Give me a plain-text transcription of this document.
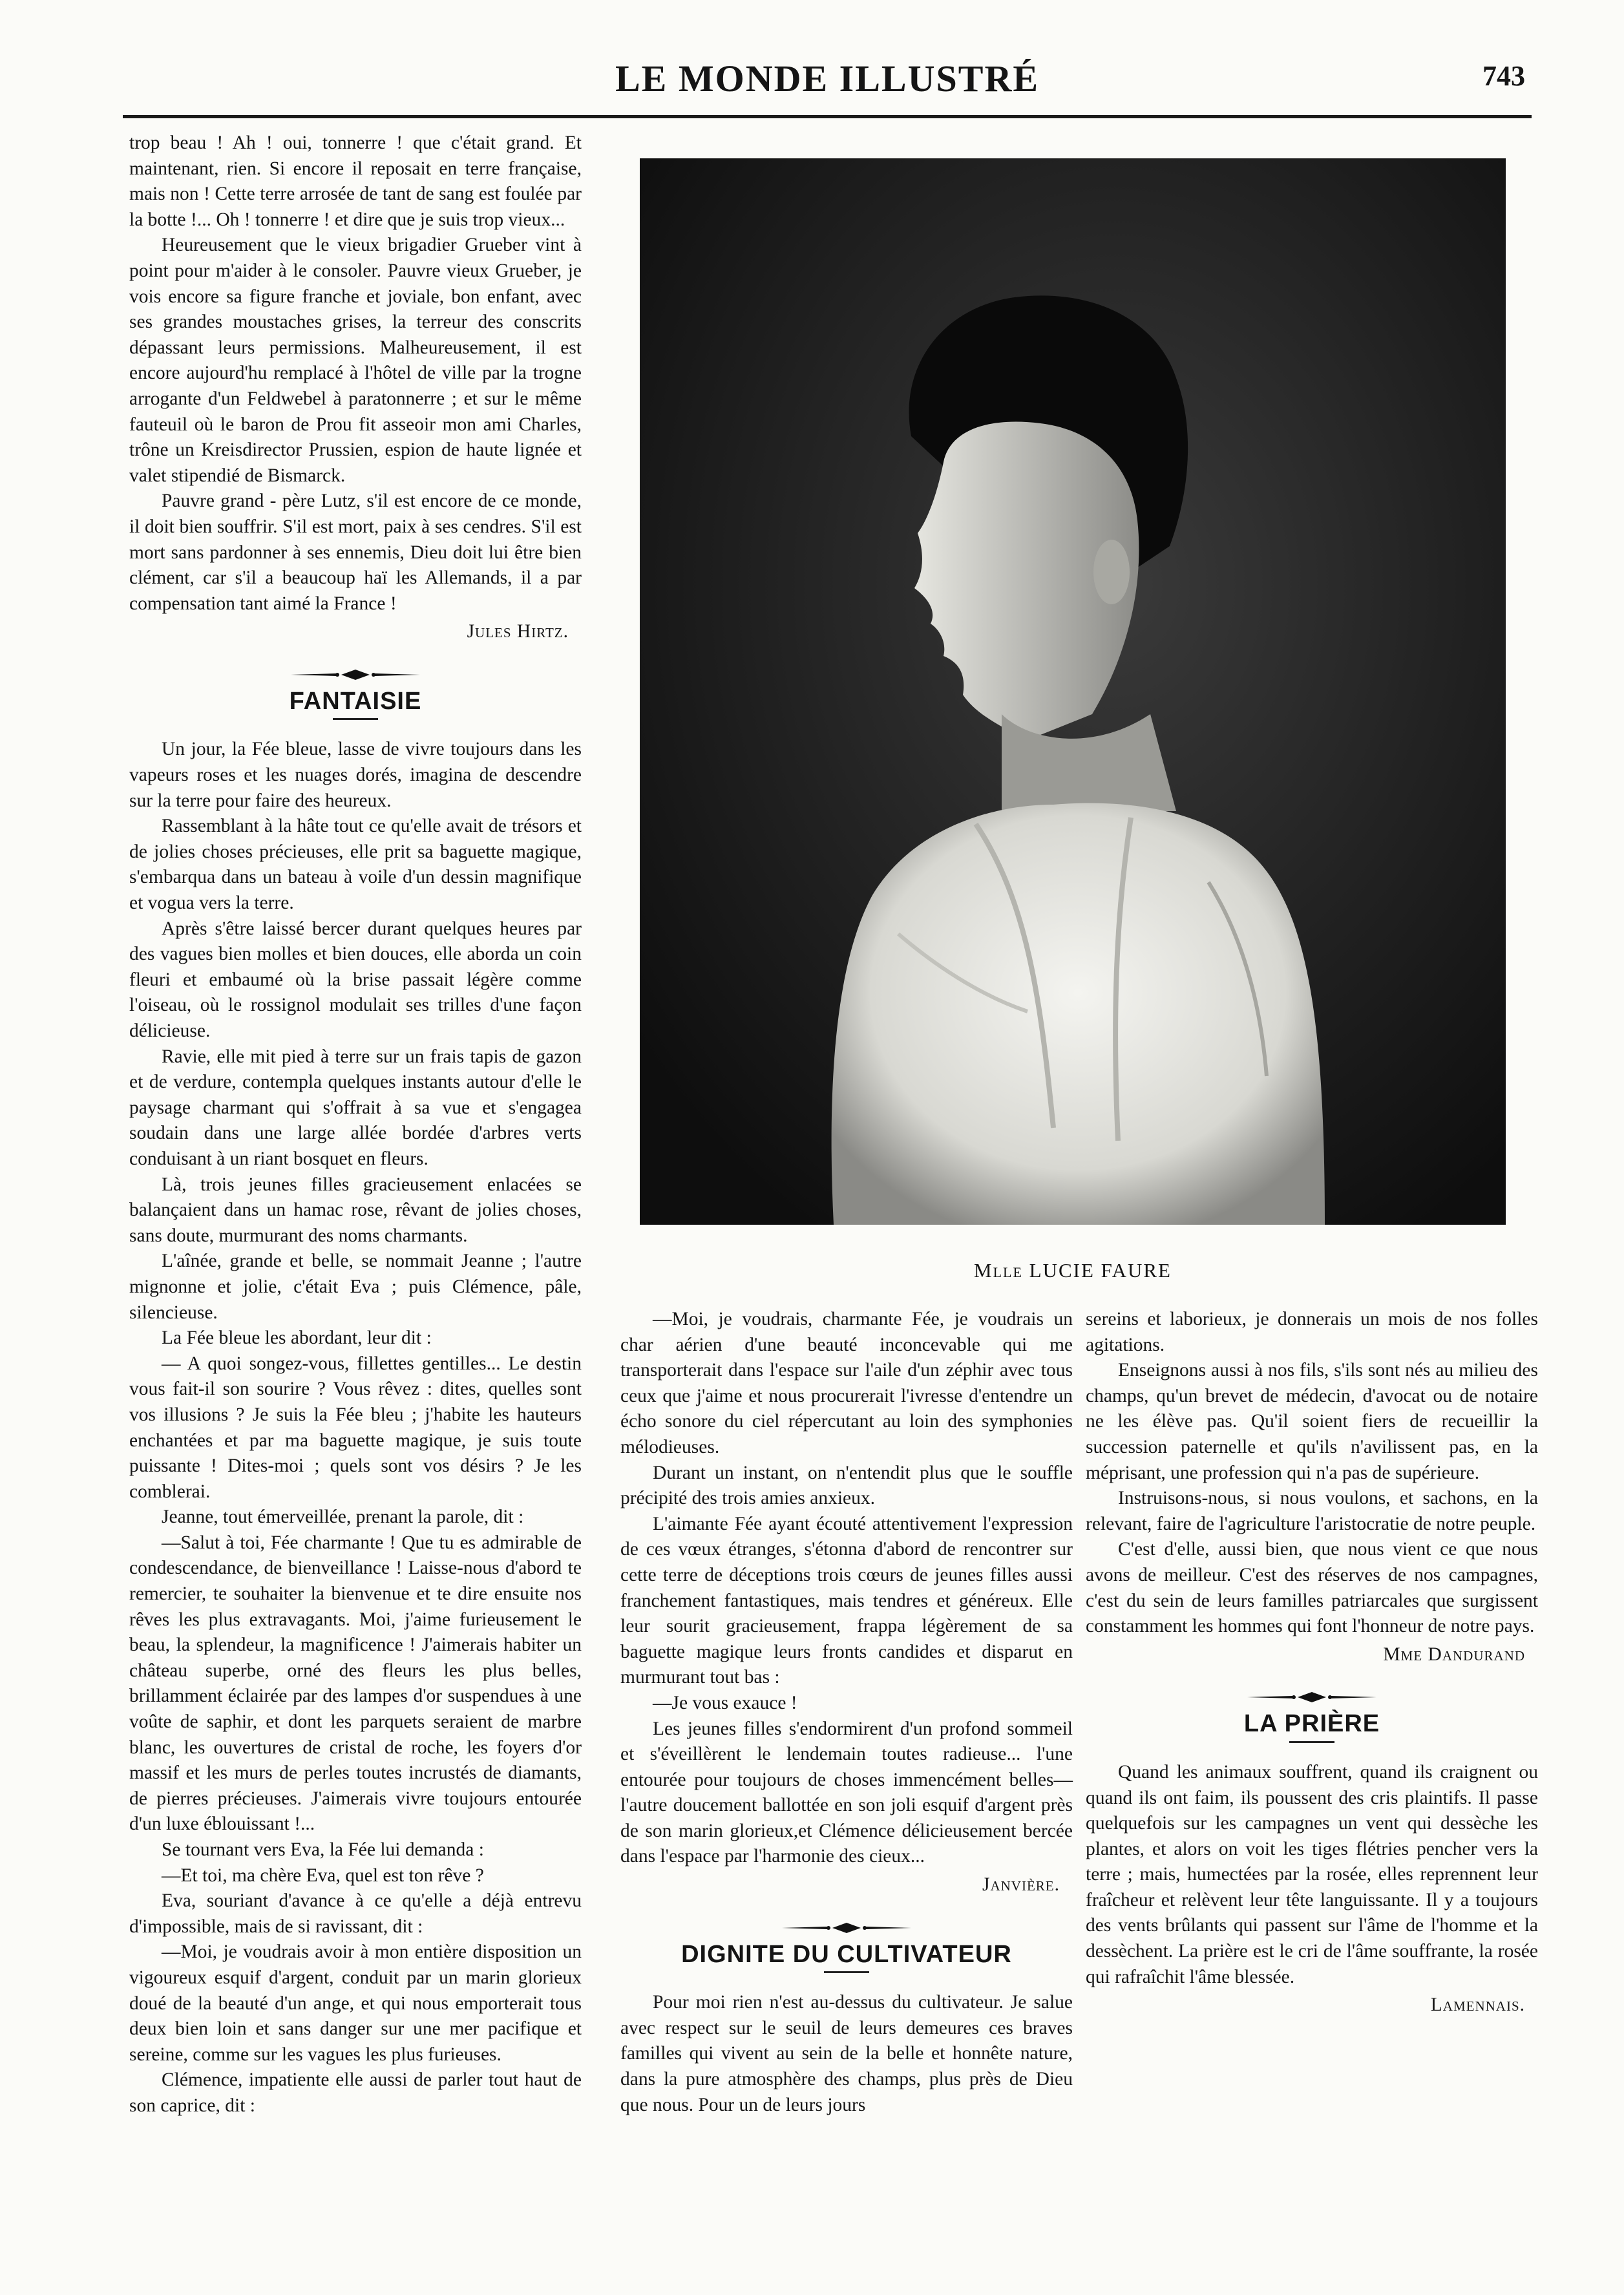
LE MONDE ILLUSTRÉ	743

trop beau ! Ah ! oui, tonnerre ! que c'était grand. Et maintenant, rien. Si encore il reposait en terre française, mais non ! Cette terre arrosée de tant de sang est foulée par la botte !... Oh ! tonnerre ! et dire que je suis trop vieux...

Heureusement que le vieux brigadier Grueber vint à point pour m'aider à le consoler. Pauvre vieux Grueber, je vois encore sa figure franche et joviale, bon enfant, avec ses grandes moustaches grises, la terreur des conscrits dépassant leurs permissions. Malheureusement, il est encore aujourd'hu remplacé à l'hôtel de ville par la trogne arrogante d'un Feldwebel à paratonnerre ; et sur le même fauteuil où le baron de Prou fit asseoir mon ami Charles, trône un Kreisdirector Prussien, espion de haute lignée et valet stipendié de Bismarck.

Pauvre grand - père Lutz, s'il est encore de ce monde, il doit bien souffrir. S'il est mort, paix à ses cendres. S'il est mort sans pardonner à ses ennemis, Dieu doit lui être bien clément, car s'il a beaucoup haï les Allemands, il a par compensation tant aimé la France !

Jules Hirtz.
FANTAISIE

Un jour, la Fée bleue, lasse de vivre toujours dans les vapeurs roses et les nuages dorés, imagina de descendre sur la terre pour faire des heureux.

Rassemblant à la hâte tout ce qu'elle avait de trésors et de jolies choses précieuses, elle prit sa baguette magique, s'embarqua dans un bateau à voile d'un dessin magnifique et vogua vers la terre.

Après s'être laissé bercer durant quelques heures par des vagues bien molles et bien douces, elle aborda un coin fleuri et embaumé où la brise passait légère comme l'oiseau, où le rossignol modulait ses trilles d'une façon délicieuse.

Ravie, elle mit pied à terre sur un frais tapis de gazon et de verdure, contempla quelques instants autour d'elle le paysage charmant qui s'offrait à sa vue et s'engagea soudain dans une large allée bordée d'arbres verts conduisant à un riant bosquet en fleurs.

Là, trois jeunes filles gracieusement enlacées se balançaient dans un hamac rose, rêvant de jolies choses, sans doute, murmurant des noms charmants.

L'aînée, grande et belle, se nommait Jeanne ; l'autre mignonne et jolie, c'était Eva ; puis Clémence, pâle, silencieuse.

La Fée bleue les abordant, leur dit :

— A quoi songez-vous, fillettes gentilles... Le destin vous fait-il son sourire ? Vous rêvez : dites, quelles sont vos illusions ? Je suis la Fée bleu ; j'habite les hauteurs enchantées et par ma baguette magique, je suis toute puissante ! Dites-moi ; quels sont vos désirs ? Je les comblerai.

Jeanne, tout émerveillée, prenant la parole, dit :

—Salut à toi, Fée charmante ! Que tu es admirable de condescendance, de bienveillance ! Laisse-nous d'abord te remercier, te souhaiter la bienvenue et te dire ensuite nos rêves les plus extravagants. Moi, j'aime furieusement le beau, la splendeur, la magnificence ! J'aimerais habiter un château superbe, orné des fleurs les plus belles, brillamment éclairée par des lampes d'or suspendues à une voûte de saphir, et dont les parquets seraient de marbre blanc, les ouvertures de cristal de roche, les foyers d'or massif et les murs de perles toutes incrustés de diamants, de pierres précieuses. J'aimerais vivre toujours entourée d'un luxe éblouissant !...

Se tournant vers Eva, la Fée lui demanda :

—Et toi, ma chère Eva, quel est ton rêve ?

Eva, souriant d'avance à ce qu'elle a déjà entrevu d'impossible, mais de si ravissant, dit :

—Moi, je voudrais avoir à mon entière disposition un vigoureux esquif d'argent, conduit par un marin glorieux doué de la beauté d'un ange, et qui nous emporterait tous deux bien loin et sans danger sur une mer pacifique et sereine, comme sur les vagues les plus furieuses.

Clémence, impatiente elle aussi de parler tout haut de son caprice, dit :

Mlle LUCIE FAURE

—Moi, je voudrais, charmante Fée, je voudrais un char aérien d'une beauté inconcevable qui me transporterait dans l'espace sur l'aile d'un zéphir avec tous ceux que j'aime et nous procurerait l'ivresse d'entendre un écho sonore du ciel répercutant au loin des symphonies mélodieuses.

Durant un instant, on n'entendit plus que le souffle précipité des trois amies anxieux.

L'aimante Fée ayant écouté attentivement l'expression de ces vœux étranges, s'étonna d'abord de rencontrer sur cette terre de déceptions trois cœurs de jeunes filles aussi franchement fantastiques, mais tendres et généreux. Elle leur sourit gracieusement, frappa légèrement de sa baguette magique leurs fronts candides et disparut en murmurant tout bas :

—Je vous exauce !

Les jeunes filles s'endormirent d'un profond sommeil et s'éveillèrent le lendemain toutes radieuse... l'une entourée pour toujours de choses immencément belles—l'autre doucement ballottée en son joli esquif d'argent près de son marin glorieux,et Clémence délicieusement bercée dans l'espace par l'harmonie des cieux...

Janvière.
DIGNITE DU CULTIVATEUR

Pour moi rien n'est au-dessus du cultivateur. Je salue avec respect sur le seuil de leurs demeures ces braves familles qui vivent au sein de la belle et honnête nature, dans la pure atmosphère des champs, plus près de Dieu que nous. Pour un de leurs jours

sereins et laborieux, je donnerais un mois de nos folles agitations.

Enseignons aussi à nos fils, s'ils sont nés au milieu des champs, qu'un brevet de médecin, d'avocat ou de notaire ne les élève pas. Qu'il soient fiers de recueillir la succession paternelle et qu'ils n'avilissent pas, en la méprisant, une profession qui n'a pas de supérieure.

Instruisons-nous, si nous voulons, et sachons, en la relevant, faire de l'agriculture l'aristocratie de notre peuple.

C'est d'elle, aussi bien, que nous vient ce que nous avons de meilleur. C'est des réserves de nos campagnes, c'est du sein de leurs familles patriarcales que surgissent constamment les hommes qui font l'honneur de notre pays.

Mme Dandurand
LA PRIÈRE

Quand les animaux souffrent, quand ils craignent ou quand ils ont faim, ils poussent des cris plaintifs. Il passe quelquefois sur les campagnes un vent qui dessèche les plantes, et alors on voit les tiges flétries pencher vers la terre ; mais, humectées par la rosée, elles reprennent leur fraîcheur et relèvent leur tête languissante. Il y a toujours des vents brûlants qui passent sur l'âme de l'homme et la dessèchent. La prière est le cri de l'âme souffrante, la rosée qui rafraîchit l'âme blessée.

Lamennais.
